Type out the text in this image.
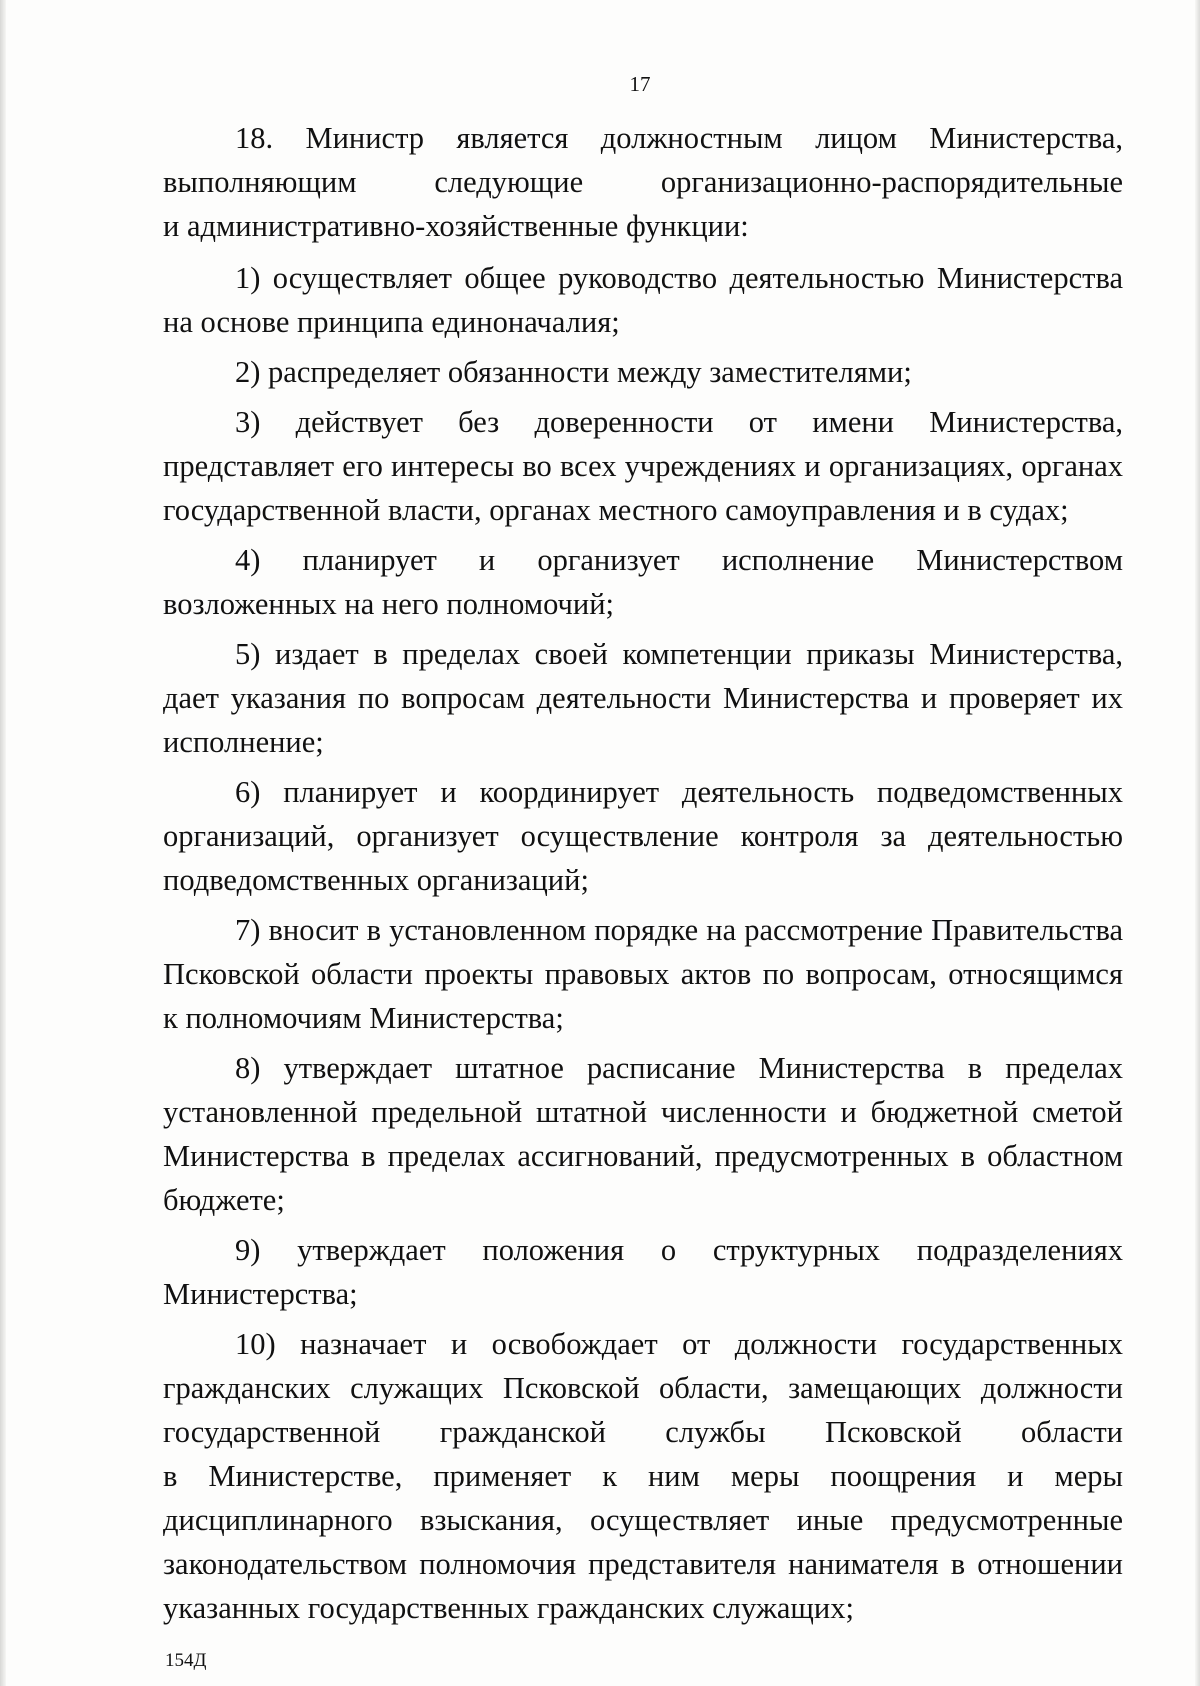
17
18. Министр является должностным лицом Министерства,
выполняющим следующие организационно-распорядительные
и административно-хозяйственные функции:
1) осуществляет общее руководство деятельностью Министерства
на основе принципа единоначалия;
2) распределяет обязанности между заместителями;
3) действует без доверенности от имени Министерства,
представляет его интересы во всех учреждениях и организациях, органах
государственной власти, органах местного самоуправления и в судах;
4) планирует и организует исполнение Министерством
возложенных на него полномочий;
5) издает в пределах своей компетенции приказы Министерства,
дает указания по вопросам деятельности Министерства и проверяет их
исполнение;
6) планирует и координирует деятельность подведомственных
организаций, организует осуществление контроля за деятельностью
подведомственных организаций;
7) вносит в установленном порядке на рассмотрение Правительства
Псковской области проекты правовых актов по вопросам, относящимся
к полномочиям Министерства;
8) утверждает штатное расписание Министерства в пределах
установленной предельной штатной численности и бюджетной сметой
Министерства в пределах ассигнований, предусмотренных в областном
бюджете;
9) утверждает положения о структурных подразделениях
Министерства;
10) назначает и освобождает от должности государственных
гражданских служащих Псковской области, замещающих должности
государственной гражданской службы Псковской области
в Министерстве, применяет к ним меры поощрения и меры
дисциплинарного взыскания, осуществляет иные предусмотренные
законодательством полномочия представителя нанимателя в отношении
указанных государственных гражданских служащих;
154Д
